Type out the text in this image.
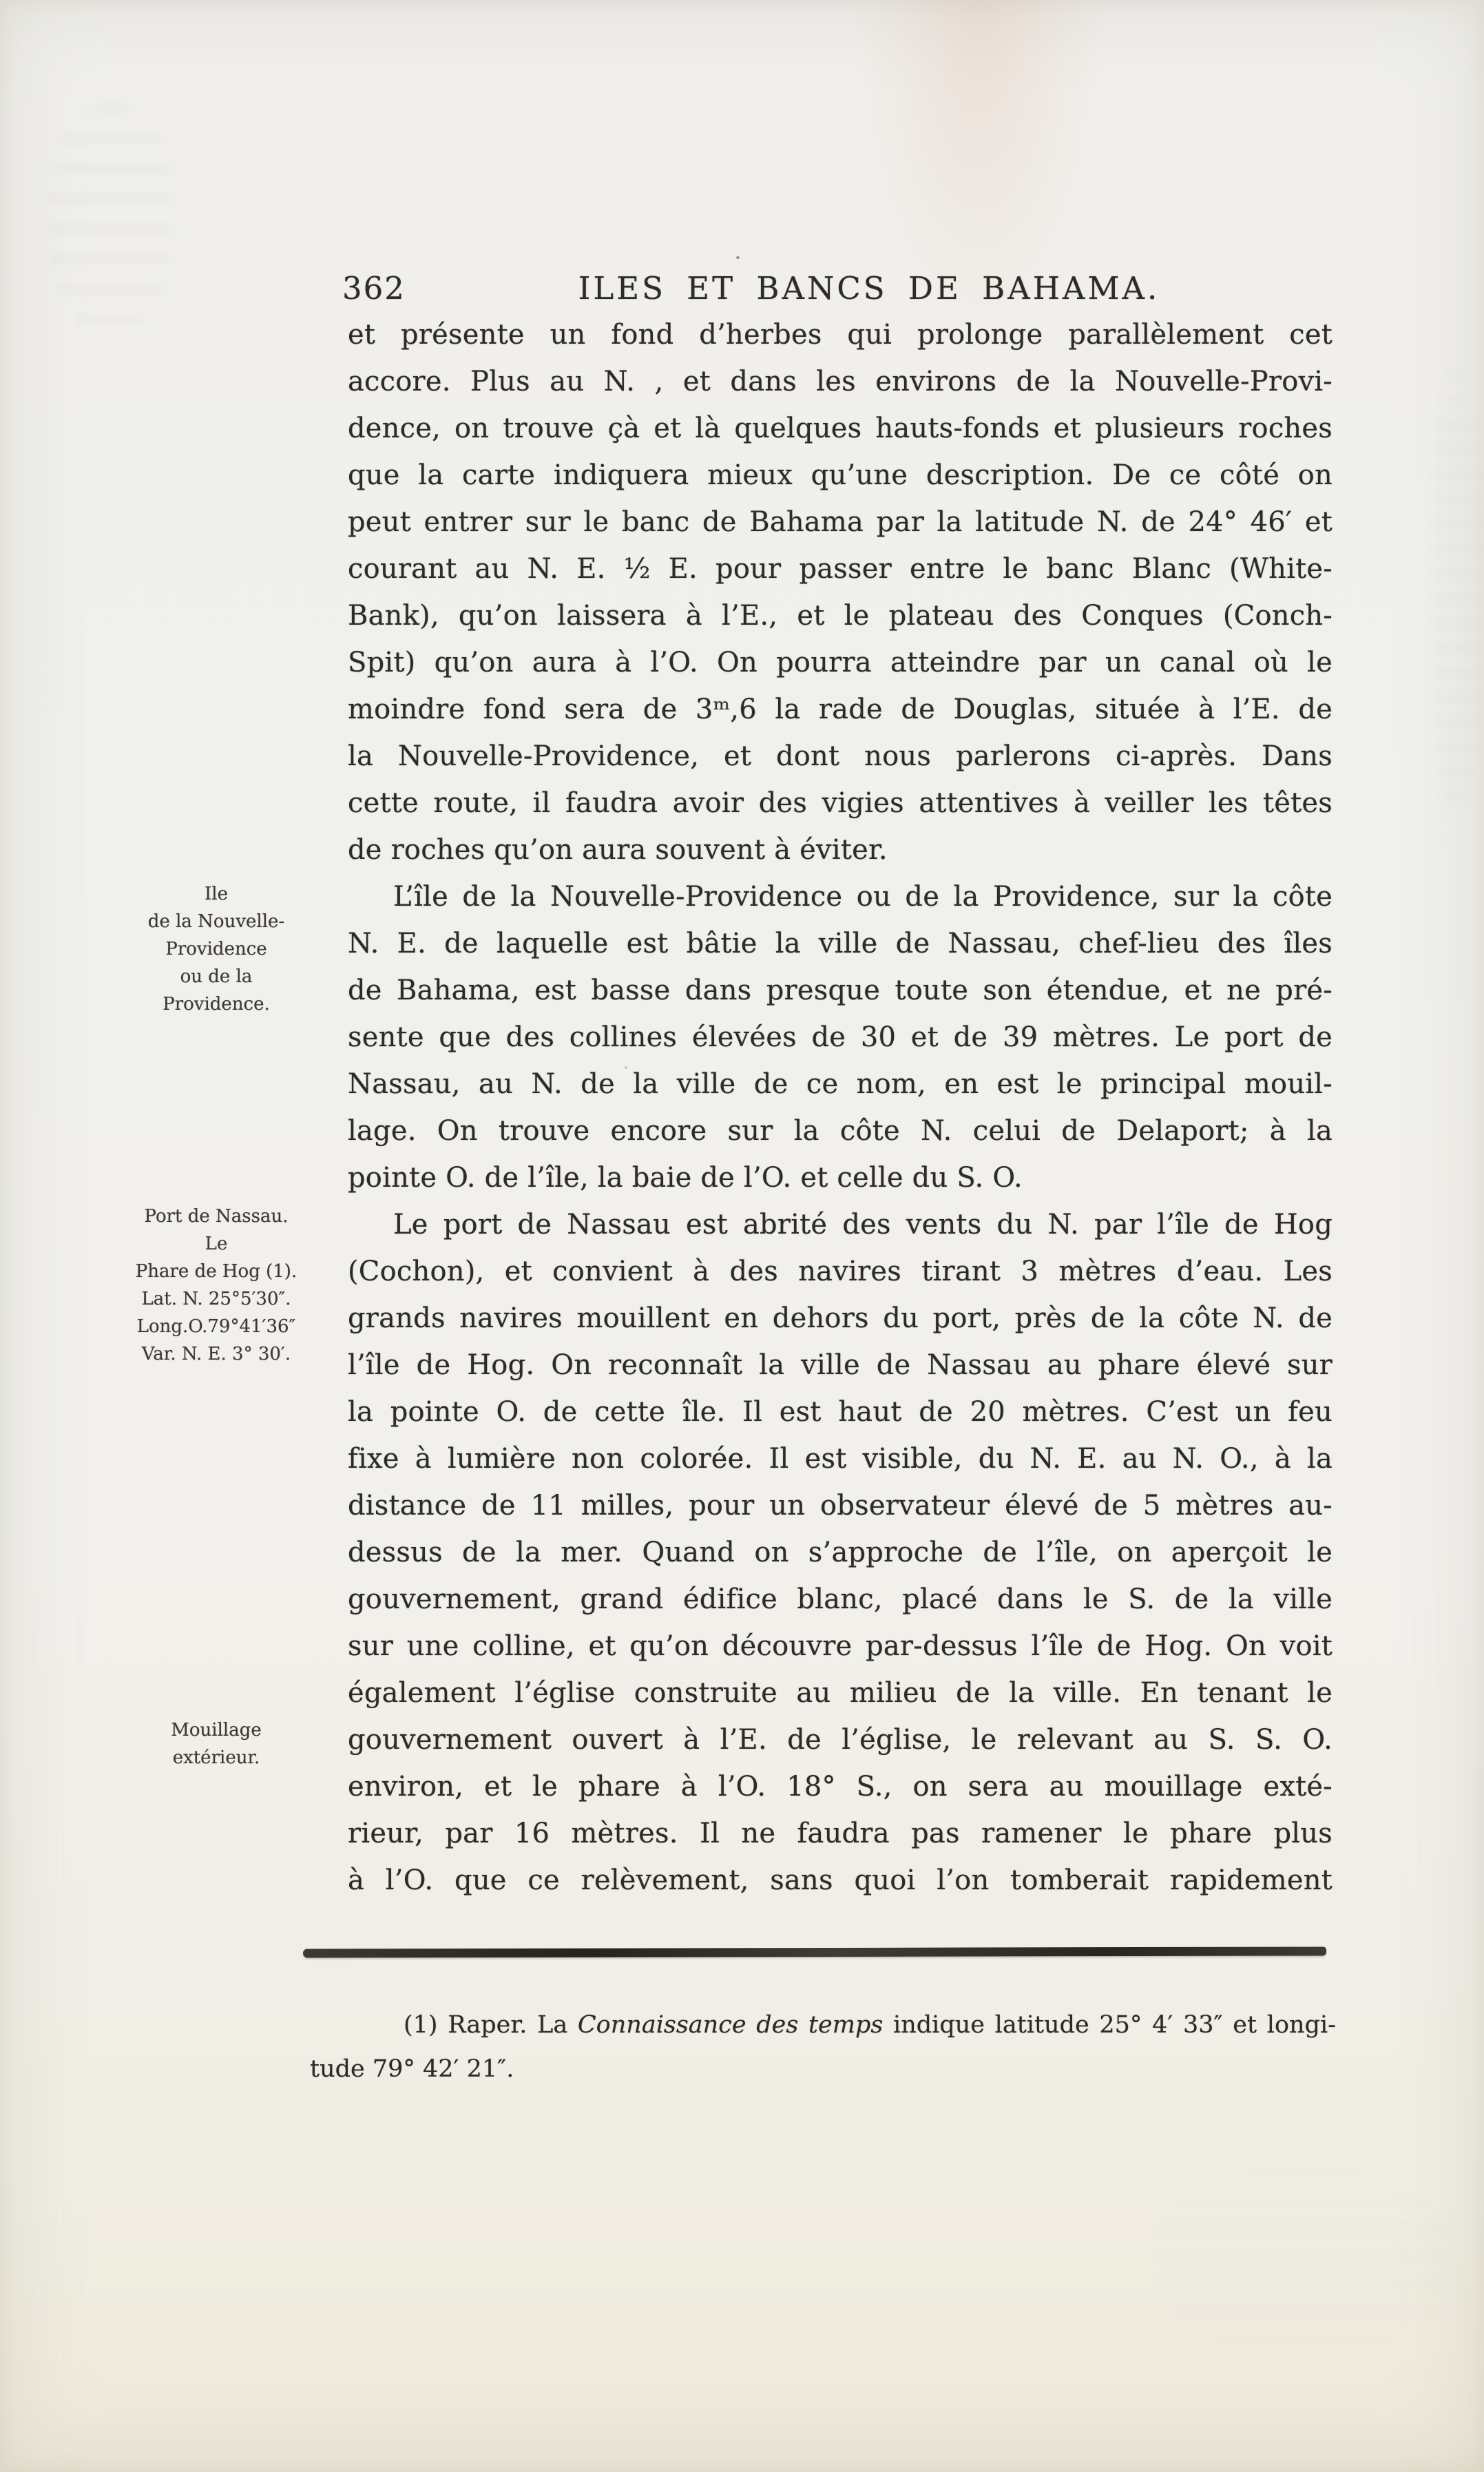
362	ILES ET BANCS DE BAHAMA.
Ile
de la Nouvelle-
Providence
ou de la
Providence.
Port de Nassau.
Le
Phare de Hog (1).
Lat. N. 25°5′30″.
Long.O.79°41′36″
Var. N. E. 3° 30′.
Mouillage
extérieur.
et présente un fond d’herbes qui prolonge parallèlement cet
accore. Plus au N. , et dans les environs de la Nouvelle-Provi-
dence, on trouve çà et là quelques hauts-fonds et plusieurs roches
que la carte indiquera mieux qu’une description. De ce côté on
peut entrer sur le banc de Bahama par la latitude N. de 24° 46′ et
courant au N. E. ½ E. pour passer entre le banc Blanc (White-
Bank), qu’on laissera à l’E., et le plateau des Conques (Conch-
Spit) qu’on aura à l’O. On pourra atteindre par un canal où le
moindre fond sera de 3ᵐ,6 la rade de Douglas, située à l’E. de
la Nouvelle-Providence, et dont nous parlerons ci-après. Dans
cette route, il faudra avoir des vigies attentives à veiller les têtes
de roches qu’on aura souvent à éviter.
L’île de la Nouvelle-Providence ou de la Providence, sur la côte
N. E. de laquelle est bâtie la ville de Nassau, chef-lieu des îles
de Bahama, est basse dans presque toute son étendue, et ne pré-
sente que des collines élevées de 30 et de 39 mètres. Le port de
Nassau, au N. de la ville de ce nom, en est le principal mouil-
lage. On trouve encore sur la côte N. celui de Delaport; à la
pointe O. de l’île, la baie de l’O. et celle du S. O.
Le port de Nassau est abrité des vents du N. par l’île de Hog
(Cochon), et convient à des navires tirant 3 mètres d’eau. Les
grands navires mouillent en dehors du port, près de la côte N. de
l’île de Hog. On reconnaît la ville de Nassau au phare élevé sur
la pointe O. de cette île. Il est haut de 20 mètres. C’est un feu
fixe à lumière non colorée. Il est visible, du N. E. au N. O., à la
distance de 11 milles, pour un observateur élevé de 5 mètres au-
dessus de la mer. Quand on s’approche de l’île, on aperçoit le
gouvernement, grand édifice blanc, placé dans le S. de la ville
sur une colline, et qu’on découvre par-dessus l’île de Hog. On voit
également l’église construite au milieu de la ville. En tenant le
gouvernement ouvert à l’E. de l’église, le relevant au S. S. O.
environ, et le phare à l’O. 18° S., on sera au mouillage exté-
rieur, par 16 mètres. Il ne faudra pas ramener le phare plus
à l’O. que ce relèvement, sans quoi l’on tomberait rapidement
(1) Raper. La Connaissance des temps indique latitude 25° 4′ 33″ et longi-
tude 79° 42′ 21″.
